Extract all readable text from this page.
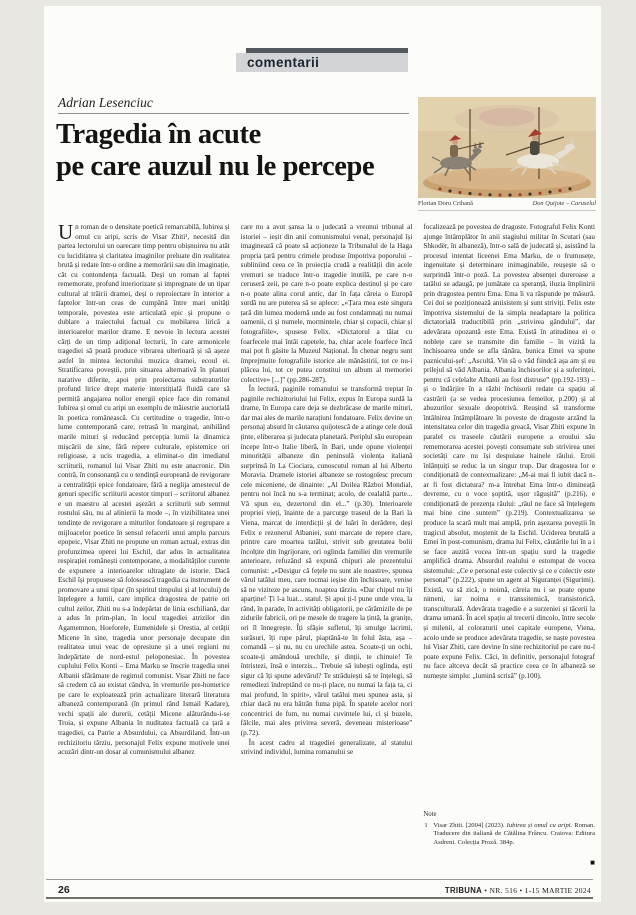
comentarii
Adrian Lesenciuc
Tragedia în acute
pe care auzul nu le percepe
Florian Doru Crihană	Don Quijote – Caruselul

Un roman de o densitate poetică remarcabilă, Iubirea și omul cu aripi, scris de Visar Zhiti¹, necesită din partea lectorului un oarecare timp pentru obișnuirea nu atât cu luciditatea și claritatea imaginilor preluate din realitatea brută și redate într-o ordine a memorării sau din imaginație, cât cu contondența factuală. Deși un roman al faptei rememorate, profund interiorizate și impregnate de un tipar cultural al trăirii dramei, deși o reproiectare în interior a faptelor într-un ceas de cumpănă între mari unități temporale, povestea este articulată epic și propune o dublare a traiectului factual cu mobilarea lirică a interioarelor marilor drame. E nevoie în lectura acestei cărți de un timp adițional lecturii, în care armonicele tragediei să poată produce vibrarea ulterioară și să așeze astfel în mintea lectorului muzica dramei, ecoul ei. Stratificarea poveștii, prin situarea alternativă în planuri narative diferite, apoi prin proiectarea substraturilor profund lirice drept materie interstițială fluidă care să permită angajarea noilor energii epice face din romanul Iubirea și omul cu aripi un exemplu de măiestrie auctorială în poetica românească. Cu certitudine o tragedie, într-o lume contemporană care, retrasă în marginal, anihilând marile mituri și reducând percepția lumii la dinamica mișcării de sine, fără repere culturale, epistemice ori religioase, a ucis tragedia, a eliminat-o din imediatul scriiturii, romanul lui Visar Zhiti nu este anacronic. Din contră, în consonanță cu o tendință europeană de revigorare a centralității epice fondatoare, fără a neglija amestecul de genuri specific scriiturii acestor timpuri – scriitorul albanez e un maestru al acestei așezări a scriiturii sub semnul rostului său, nu al alinierii la mode –, în vizibilitatea unei tendințe de revigorare a miturilor fondatoare și regrupare a mijloacelor poetice în sensul refacerii unui amplu parcurs epopeic, Visar Zhiti ne propune un roman actual, extras din profunzimea operei lui Eschil, dar adus în actualitatea respirației românești contemporane, a modalităților curente de expunere a interioarelor ultragiate de istorie. Dacă Eschil își propusese să folosească tragedia ca instrument de promovare a unui tipar (în spiritul timpului și al locului) de înțelegere a lumii, care implica dragostea de patrie ori cultul zeilor, Zhiti nu s-a îndepărtat de linia eschiliană, dar a adus în prim-plan, în locul tragediei atrizilor din Agamemnon, Hoeforele, Eumenidele și Orestia, al cetății Micene în sine, tragedia unor personaje decupate din realitatea unui veac de opresiune și a unei regiuni nu îndepărtate de nord-estul peloponesiac. În povestea cuplului Felix Konti – Ema Marku se înscrie tragedia unei Albanii sfărâmate de regimul comunist. Visar Zhiti ne face să credem că au existat cândva, în vremurile pre-homerice pe care le exploatează prin actualizare literară literatura albaneză contemporană (în primul rând Ismail Kadare), vechi spații ale durerii, cetății Micene alăturându-i-se Troia, și expune Albania în nuditatea factuală ca țară a tragediei, ca Patrie a Absurdului, ca Absurdiland. Într-un rechizitoriu târziu, personajul Felix expune motivele unei acuzări dintr-un dosar al comunismului albanez

care nu a avut șansa la o judecată a vreunui tribunal al istoriei – ieșit din anii comunismului venal, personajul își imaginează că poate să acționeze la Tribunalul de la Haga propria țară pentru crimele produse împotriva poporului – subliniind ceea ce în proiecția crudă a realității din acele vremuri se traduce într-o tragedie inutilă, pe care n-o ceruseră zeii, pe care n-o poate explica destinul și pe care n-o poate alina corul antic, dar în fața căreia o Europă surdă nu are puterea să se aplece: „«Țara mea este singura țară din lumea modernă unde au fost condamnați nu numai oamenii, ci și numele, mormintele, chiar și copacii, chiar și fotografiile», spusese Felix. «Dictatorul a tăiat cu foarfecele mai întâi capetele, ba, chiar acele foarfece încă mai pot fi găsite la Muzeul Național. În chenar negru sunt împrejmuite fotografiile istorice ale mănăstirii, tot ce nu-i plăcea lui, tot ce putea constitui un album al memoriei colective» [...]” (pp.286-287).

În lectură, paginile romanului se transformă treptat în paginile rechizitoriului lui Felix, expus în Europa surdă la drame, în Europa care deja se dezbrăcase de marile mituri, dar mai ales de marile narațiuni fondatoare. Felix devine un personaj absurd în căutarea quijotescă de a atinge cele două ținte, eliberarea și judecata planetară. Periplul său european începe într-o Italie liberă, în Bari, unde opune violenței minorității albaneze din peninsulă violența italiană surprinsă în La Ciociara, cunoscutul roman al lui Alberto Moravia. Dramele istoriei albaneze se rostogolesc precum cele miceniene, de dinainte: „Al Doilea Război Mondial, pentru noi încă nu s-a terminat; acolo, de cealaltă parte... Vă spun eu, dezertorul din el...” (p.30). Interioarele propriei vieți, înainte de a parcurge traseul de la Bari la Viena, marcat de interdicții și de luări în derâdere, deși Felix e rezonerul Albaniei, sunt marcate de repere clare, printre care moartea tatălui, strivit sub greutatea bolii încolțite din îngrijorare, ori oglinda familiei din vremurile anterioare, refuzând să expună chipuri ale prezentului comunist: „«Desigur că fețele nu sunt ale noastre», spunea vărul tatălui meu, care tocmai ieșise din închisoare, venise să ne viziteze pe ascuns, noaptea târziu. «Dar chipul nu îți aparține! Ți l-a luat... statul. Și apoi ți-l pune unde vrea, la rând, în parade, în activități obligatorii, pe cărămizile de pe zidurile fabricii, ori pe mesele de tragere la țintă, la granițe, ori îl înnegrește. Îți sfâșie sufletul, îți smulge lacrimi, surâsuri, îți rupe părul, piaptănă-te în felul ăsta, așa – comandă – și nu, nu cu urechile astea. Scoate-ți un ochi, scoate-ți amândouă urechile, și dinții, te chinuie! Te întristezi, însă e interzis... Trebuie să iubești oglinda, ești sigur că îți spune adevărul? Te străduiești să te înțelegi, să remediezi îndreptând ce nu-ți place, nu numai la fața ta, ci mai profund, în spirit», vărul tatălui meu spunea asta, și chiar dacă nu era bătrân fuma pipă. În spatele acelor nori concentrici de fum, nu numai cuvintele lui, ci și buzele, fălcile, mai ales privirea severă, deveneau misterioase” (p.72).

În acest cadru al tragediei generalizate, al statului strivind individul, lumina romanului se

focalizează pe povestea de dragoste. Fotograful Felix Konti ajunge întâmplător în anii stagiului militar în Scutari (sau Shkodër, în albaneză), într-o sală de judecată și, asistând la procesul intentat liceenei Ema Marku, de o frumusețe, ingenuitate și determinare inimaginabile, reușește să o surprindă într-o poză. La povestea absenței dureroase a tatălui se adaugă, pe jumătate ca speranță, iluzia împlinirii prin dragostea pentru Ema. Ema îi va răspunde pe măsură. Cei doi se poziționează antisistem și sunt striviți. Felix este împotriva sistemului de la simpla neadaptare la politica dictatorială traductibilă prin „strivirea gândului”, dar adevărata opozantă este Ema. Există în atitudinea ei o noblețe care se transmite din familie – în vizită la închisoarea unde se afla tânăra, bunica Emei va spune paznicului-șef: „Ascultă. Vin să o văd fiindcă așa am și eu prilejul să văd Albania. Albania închisorilor și a suferinței, pentru că celelalte Albanii au fost distruse” (pp.192-193) – și o îndârjire în a răzbi închisorii redate ca spațiu al castrării (a se vedea procesiunea femeilor, p.200) și al abuzurilor sexuale deopotrivă. Reușind să transforme întâlnirea întâmplătoare în poveste de dragoste arzând la intensitatea celor din tragedia greacă, Visar Zhiti expune în paralel cu traseele căutării europene a eroului său rememorarea acestei povești consumate sub strivirea unei societăți care nu își despuiase hainele răului. Eroii înlănțuiți se reduc la un singur trup. Dar dragostea lor e condiționată de contextualizare: „M-ai mai fi iubit dacă n-ar fi fost dictatura? m-a întrebat Ema într-o dimineață devreme, cu o voce șoptită, ușor răgușită” (p.216), e condiționată de prezența răului: „răul ne face să înțelegem mai bine cine suntem” (p.219). Contextualizarea se produce la scară mult mai amplă, prin așezarea poveștii în tragicul absolut, moștenit de la Eschil. Uciderea brutală a Emei în post-comunism, drama lui Felix, căutările lui în a i se face auzită vocea într-un spațiu surd la tragedie amplifică drama. Absurdul realului e estompat de vocea sistemului: „Ce e personal este colectiv și ce e colectiv este personal” (p.222), spune un agent al Siguranței (Sigurimi). Există, va să zică, o noimă, căreia nu i se poate opune nimeni, iar noima e transsitemică, transistorică, transculturală. Adevărata tragedie e a surzeniei și tăcerii la drama umană. În acel spațiu al trecerii dincolo, între secole și milenii, al coloraturii unei capitale europene, Viena, acolo unde se produce adevărata tragedie, se naște povestea lui Visar Zhiti, care devine în sine rechizitoriul pe care nu-l poate expune Felix. Căci, în definitiv, personajul fotograf nu face altceva decât să practice ceea ce în albaneză se numește simplu: „lumină scrisă” (p.100).

Note
1 Visar Zhiti. [2004] (2023). Iubirea și omul cu aripi. Roman. Traducere din italiană de Cătălina Frâncu. Craiova: Editura Asdreni. Colecția Proză. 384p.
■
26	TRIBUNA • NR. 516 • 1-15 MARTIE 2024
